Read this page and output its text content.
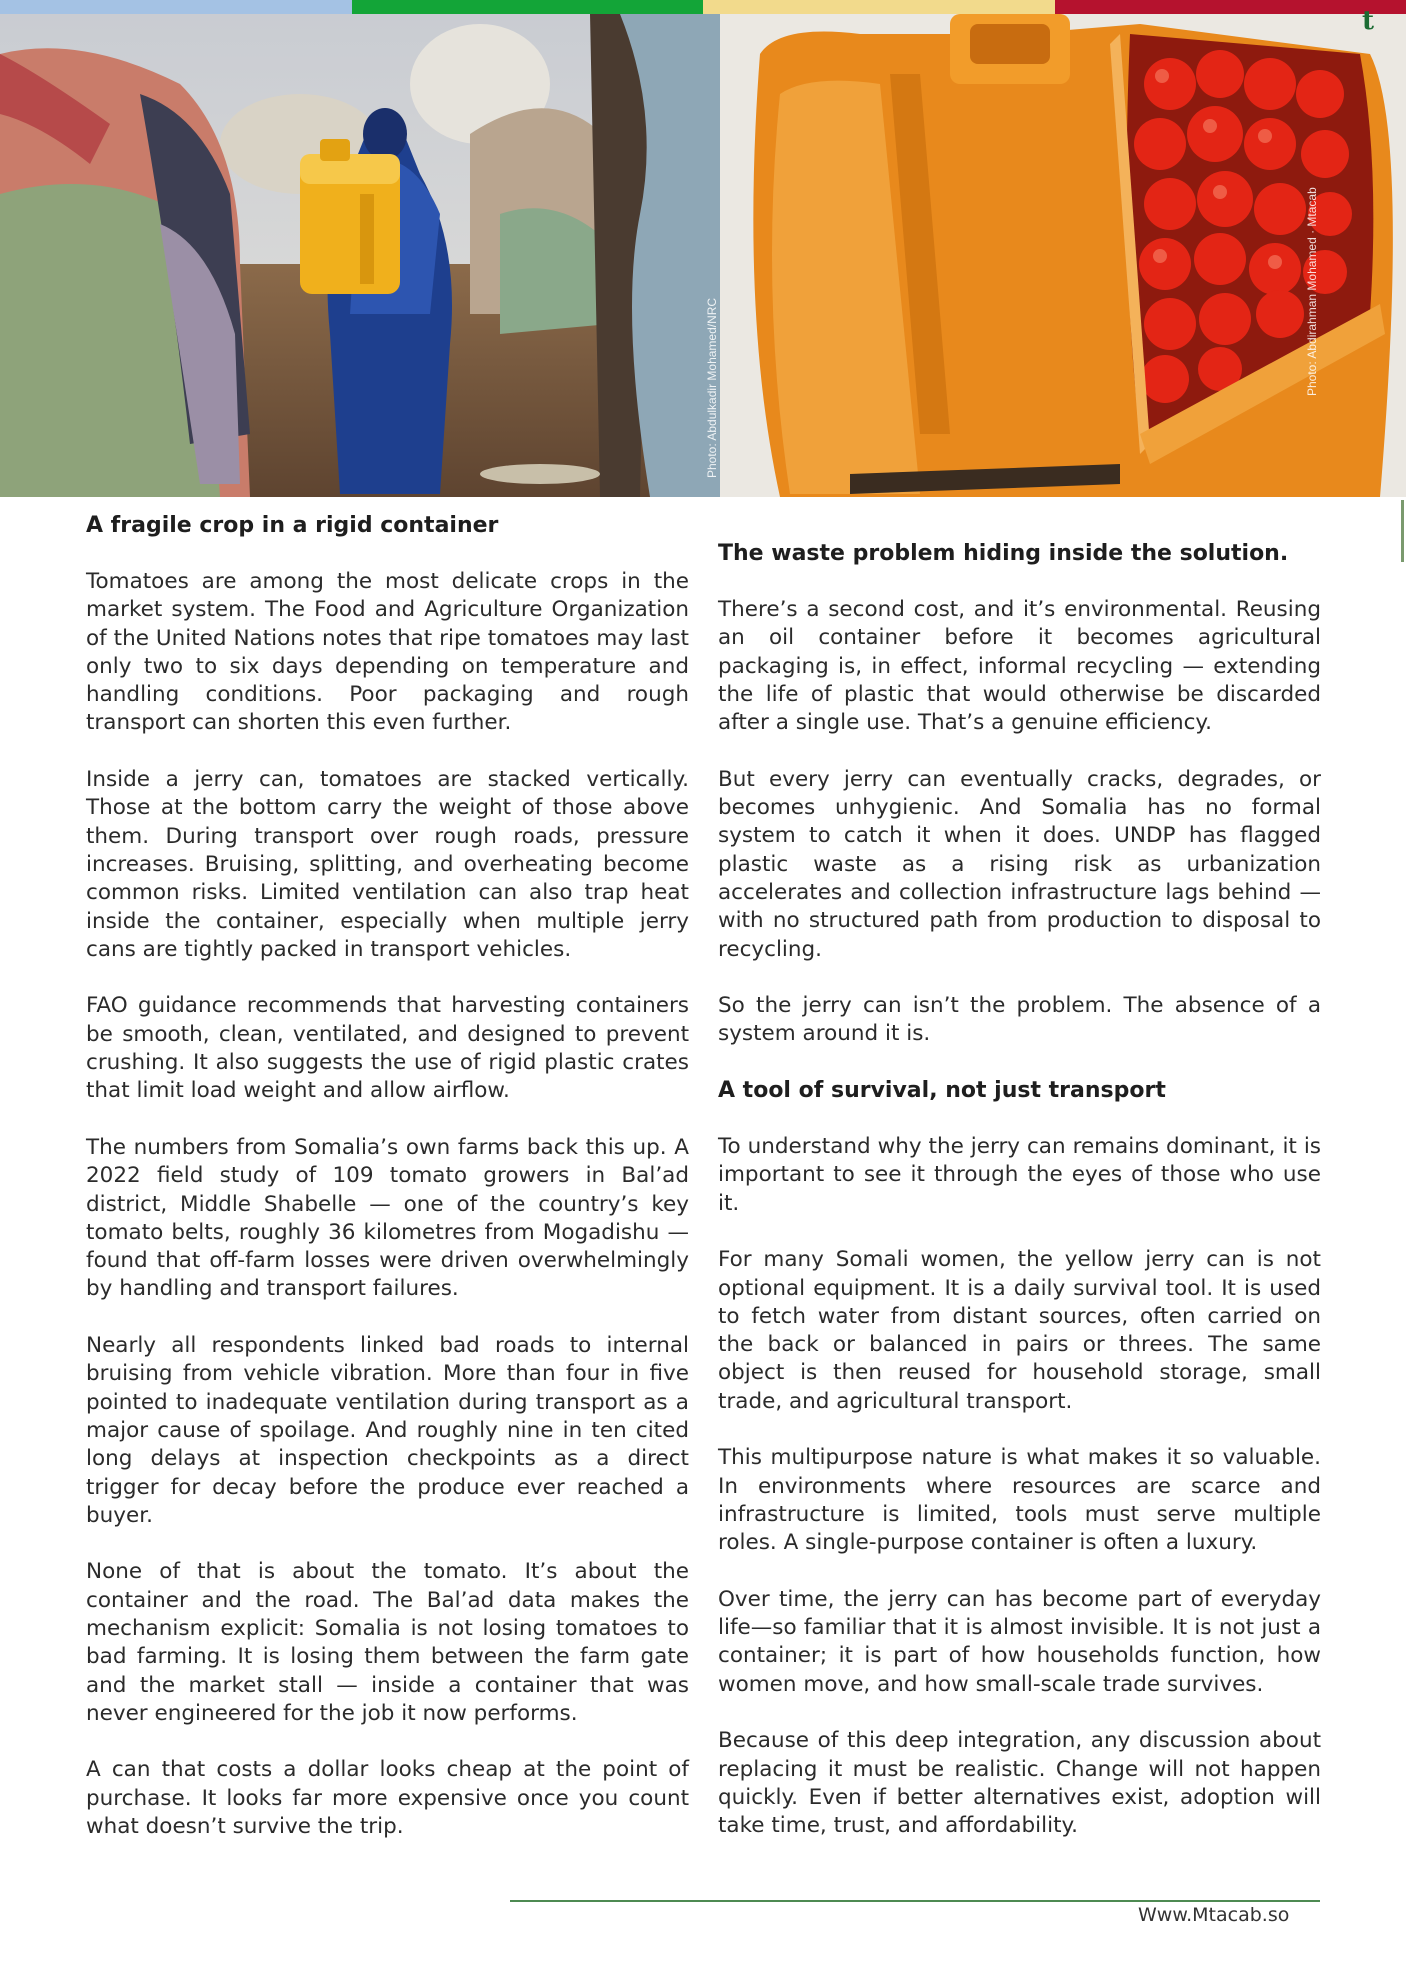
Photo: Abdulkadir Mohamed/NRC	Photo: Abdirahman Mohamed · Mtacab
t
A fragile crop in a rigid container

Tomatoes are among the most delicate crops in the market system. The Food and Agriculture Organization of the United Nations notes that ripe tomatoes may last only two to six days depending on temperature and handling conditions. Poor packaging and rough transport can shorten this even further.

Inside a jerry can, tomatoes are stacked vertically. Those at the bottom carry the weight of those above them. During transport over rough roads, pressure increases. Bruising, splitting, and overheating become common risks. Limited ventilation can also trap heat inside the container, especially when multiple jerry cans are tightly packed in transport vehicles.

FAO guidance recommends that harvesting containers be smooth, clean, ventilated, and designed to prevent crushing. It also suggests the use of rigid plastic crates that limit load weight and allow airflow.

The numbers from Somalia’s own farms back this up. A 2022 field study of 109 tomato growers in Bal’ad district, Middle Shabelle — one of the country’s key tomato belts, roughly 36 kilometres from Mogadishu — found that off-farm losses were driven overwhelmingly by handling and transport failures.

Nearly all respondents linked bad roads to internal bruising from vehicle vibration. More than four in five pointed to inadequate ventilation during transport as a major cause of spoilage. And roughly nine in ten cited long delays at inspection checkpoints as a direct trigger for decay before the produce ever reached a buyer.

None of that is about the tomato. It’s about the container and the road. The Bal’ad data makes the mechanism explicit: Somalia is not losing tomatoes to bad farming. It is losing them between the farm gate and the market stall — inside a container that was never engineered for the job it now performs.

A can that costs a dollar looks cheap at the point of purchase. It looks far more expensive once you count what doesn’t survive the trip.

The waste problem hiding inside the solution.

There’s a second cost, and it’s environmental. Reusing an oil container before it becomes agricultural packaging is, in effect, informal recycling — extending the life of plastic that would otherwise be discarded after a single use. That’s a genuine efficiency.

But every jerry can eventually cracks, degrades, or becomes unhygienic. And Somalia has no formal system to catch it when it does. UNDP has flagged plastic waste as a rising risk as urbanization accelerates and collection infrastructure lags behind — with no structured path from production to disposal to recycling.

So the jerry can isn’t the problem. The absence of a system around it is.

A tool of survival, not just transport

To understand why the jerry can remains dominant, it is important to see it through the eyes of those who use it.

For many Somali women, the yellow jerry can is not optional equipment. It is a daily survival tool. It is used to fetch water from distant sources, often carried on the back or balanced in pairs or threes. The same object is then reused for household storage, small trade, and agricultural transport.

This multipurpose nature is what makes it so valuable. In environments where resources are scarce and infrastructure is limited, tools must serve multiple roles. A single-purpose container is often a luxury.

Over time, the jerry can has become part of everyday life—so familiar that it is almost invisible. It is not just a container; it is part of how households function, how women move, and how small-scale trade survives.

Because of this deep integration, any discussion about replacing it must be realistic. Change will not happen quickly. Even if better alternatives exist, adoption will take time, trust, and affordability.

Www.Mtacab.so
